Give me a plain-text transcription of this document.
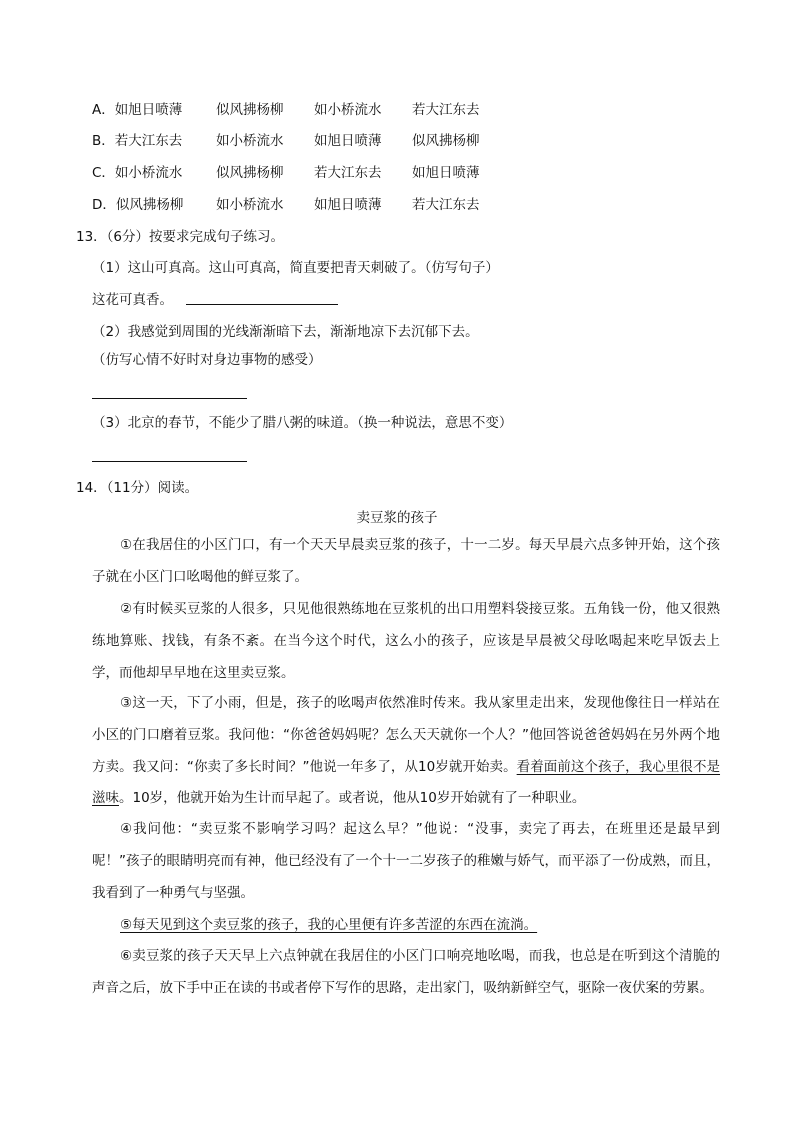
A．如旭日喷薄	似风拂杨柳 如小桥流水 若大江东去
B．若大江东去 如小桥流水 如旭日喷薄 似风拂杨柳
C．如小桥流水 似风拂杨柳 若大江东去 如旭日喷薄
D．似风拂杨柳 如小桥流水 如旭日喷薄 若大江东去
13．（6分）按要求完成句子练习。
（1）这山可真高。这山可真高，简直要把青天刺破了。（仿写句子）
这花可真香。
（2）我感觉到周围的光线渐渐暗下去，渐渐地凉下去沉郁下去。
（仿写心情不好时对身边事物的感受）
（3）北京的春节，不能少了腊八粥的味道。（换一种说法，意思不变）
14．（11分）阅读。
卖豆浆的孩子
①在我居住的小区门口，有一个天天早晨卖豆浆的孩子，十一二岁。每天早晨六点多钟开始，这个孩子就在小区门口吆喝他的鲜豆浆了。
②有时候买豆浆的人很多，只见他很熟练地在豆浆机的出口用塑料袋接豆浆。五角钱一份，他又很熟练地算账、找钱，有条不紊。在当今这个时代，这么小的孩子，应该是早晨被父母吆喝起来吃早饭去上学，而他却早早地在这里卖豆浆。
③这一天，下了小雨，但是，孩子的吆喝声依然准时传来。我从家里走出来，发现他像往日一样站在小区的门口磨着豆浆。我问他：“你爸爸妈妈呢？怎么天天就你一个人？”他回答说爸爸妈妈在另外两个地方卖。我又问：“你卖了多长时间？”他说一年多了，从10岁就开始卖。看着面前这个孩子，我心里很不是滋味。10岁，他就开始为生计而早起了。或者说，他从10岁开始就有了一种职业。
④我问他：“卖豆浆不影响学习吗？起这么早？”他说：“没事，卖完了再去，在班里还是最早到呢！”孩子的眼睛明亮而有神，他已经没有了一个十一二岁孩子的稚嫩与娇气，而平添了一份成熟，而且，我看到了一种勇气与坚强。
⑤每天见到这个卖豆浆的孩子，我的心里便有许多苦涩的东西在流淌。
⑥卖豆浆的孩子天天早上六点钟就在我居住的小区门口响亮地吆喝，而我，也总是在听到这个清脆的声音之后，放下手中正在读的书或者停下写作的思路，走出家门，吸纳新鲜空气，驱除一夜伏案的劳累。
